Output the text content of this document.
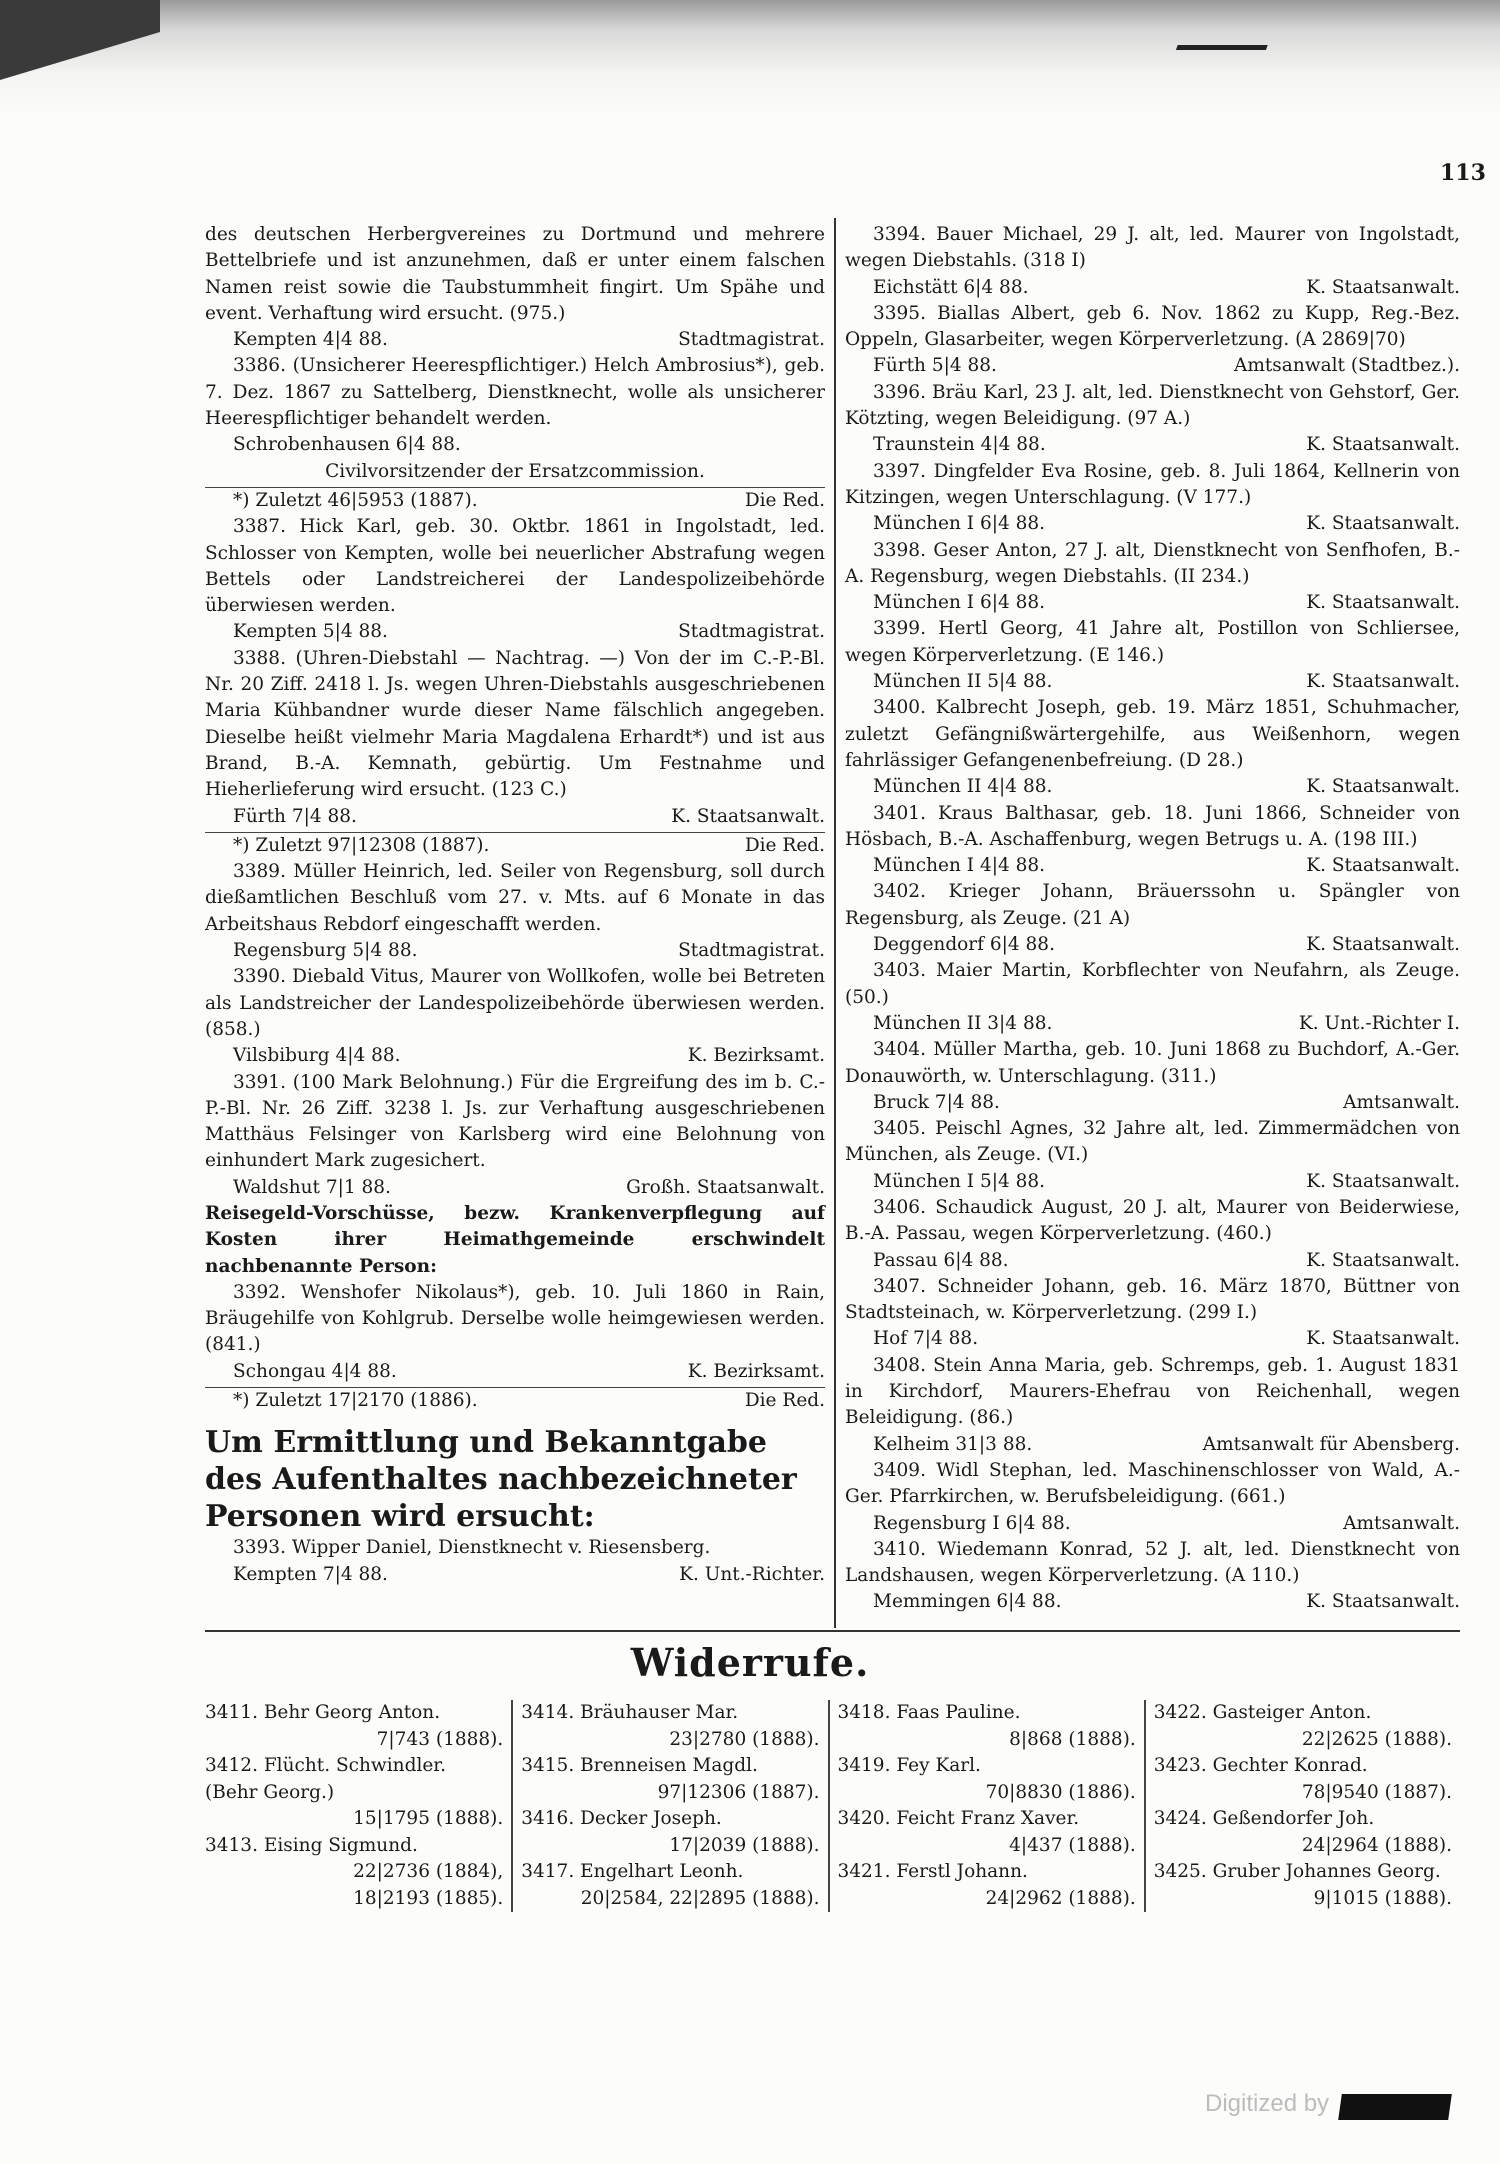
113

des deutschen Herbergvereines zu Dortmund und mehrere Bettelbriefe und ist anzunehmen, daß er unter einem falschen Namen reist sowie die Taubstummheit fingirt. Um Spähe und event. Verhaftung wird ersucht. (975.)

Kempten 4|4 88.	Stadtmagistrat.

3386. (Unsicherer Heerespflichtiger.) Helch Ambrosius*), geb. 7. Dez. 1867 zu Sattelberg, Dienstknecht, wolle als unsicherer Heerespflichtiger behandelt werden.

Schrobenhausen 6|4 88.

Civilvorsitzender der Ersatzcommission.

*) Zuletzt 46|5953 (1887).	Die Red.

3387. Hick Karl, geb. 30. Oktbr. 1861 in Ingolstadt, led. Schlosser von Kempten, wolle bei neuerlicher Abstrafung wegen Bettels oder Landstreicherei der Landespolizeibehörde überwiesen werden.

Kempten 5|4 88.	Stadtmagistrat.

3388. (Uhren-Diebstahl — Nachtrag. —) Von der im C.-P.-Bl. Nr. 20 Ziff. 2418 l. Js. wegen Uhren-Diebstahls ausgeschriebenen Maria Kühbandner wurde dieser Name fälschlich angegeben. Dieselbe heißt vielmehr Maria Magdalena Erhardt*) und ist aus Brand, B.-A. Kemnath, gebürtig. Um Festnahme und Hieherlieferung wird ersucht. (123 C.)

Fürth 7|4 88.	K. Staatsanwalt.
*) Zuletzt 97|12308 (1887).	Die Red.

3389. Müller Heinrich, led. Seiler von Regensburg, soll durch dießamtlichen Beschluß vom 27. v. Mts. auf 6 Monate in das Arbeitshaus Rebdorf eingeschafft werden.

Regensburg 5|4 88.	Stadtmagistrat.

3390. Diebald Vitus, Maurer von Wollkofen, wolle bei Betreten als Landstreicher der Landespolizeibehörde überwiesen werden. (858.)

Vilsbiburg 4|4 88.	K. Bezirksamt.

3391. (100 Mark Belohnung.) Für die Ergreifung des im b. C.-P.-Bl. Nr. 26 Ziff. 3238 l. Js. zur Verhaftung ausgeschriebenen Matthäus Felsinger von Karlsberg wird eine Belohnung von einhundert Mark zugesichert.

Waldshut 7|1 88.	Großh. Staatsanwalt.

Reisegeld-Vorschüsse, bezw. Krankenverpflegung auf Kosten ihrer Heimathgemeinde erschwindelt nachbenannte Person:

3392. Wenshofer Nikolaus*), geb. 10. Juli 1860 in Rain, Bräugehilfe von Kohlgrub. Derselbe wolle heimgewiesen werden. (841.)

Schongau 4|4 88.	K. Bezirksamt.
*) Zuletzt 17|2170 (1886).	Die Red.
Um Ermittlung und Bekanntgabe des Aufenthaltes nachbezeichneter Personen wird ersucht:

3393. Wipper Daniel, Dienstknecht v. Riesensberg.

Kempten 7|4 88.	K. Unt.-Richter.

3394. Bauer Michael, 29 J. alt, led. Maurer von Ingolstadt, wegen Diebstahls. (318 I)

Eichstätt 6|4 88.	K. Staatsanwalt.

3395. Biallas Albert, geb 6. Nov. 1862 zu Kupp, Reg.-Bez. Oppeln, Glasarbeiter, wegen Körperverletzung. (A 2869|70)

Fürth 5|4 88.	Amtsanwalt (Stadtbez.).

3396. Bräu Karl, 23 J. alt, led. Dienstknecht von Gehstorf, Ger. Kötzting, wegen Beleidigung. (97 A.)

Traunstein 4|4 88.	K. Staatsanwalt.

3397. Dingfelder Eva Rosine, geb. 8. Juli 1864, Kellnerin von Kitzingen, wegen Unterschlagung. (V 177.)

München I 6|4 88.	K. Staatsanwalt.

3398. Geser Anton, 27 J. alt, Dienstknecht von Senfhofen, B.-A. Regensburg, wegen Diebstahls. (II 234.)

München I 6|4 88.	K. Staatsanwalt.

3399. Hertl Georg, 41 Jahre alt, Postillon von Schliersee, wegen Körperverletzung. (E 146.)

München II 5|4 88.	K. Staatsanwalt.

3400. Kalbrecht Joseph, geb. 19. März 1851, Schuhmacher, zuletzt Gefängnißwärtergehilfe, aus Weißenhorn, wegen fahrlässiger Gefangenenbefreiung. (D 28.)

München II 4|4 88.	K. Staatsanwalt.

3401. Kraus Balthasar, geb. 18. Juni 1866, Schneider von Hösbach, B.-A. Aschaffenburg, wegen Betrugs u. A. (198 III.)

München I 4|4 88.	K. Staatsanwalt.

3402. Krieger Johann, Bräuerssohn u. Spängler von Regensburg, als Zeuge. (21 A)

Deggendorf 6|4 88.	K. Staatsanwalt.

3403. Maier Martin, Korbflechter von Neufahrn, als Zeuge. (50.)

München II 3|4 88.	K. Unt.-Richter I.

3404. Müller Martha, geb. 10. Juni 1868 zu Buchdorf, A.-Ger. Donauwörth, w. Unterschlagung. (311.)

Bruck 7|4 88.	Amtsanwalt.

3405. Peischl Agnes, 32 Jahre alt, led. Zimmermädchen von München, als Zeuge. (VI.)

München I 5|4 88.	K. Staatsanwalt.

3406. Schaudick August, 20 J. alt, Maurer von Beiderwiese, B.-A. Passau, wegen Körperverletzung. (460.)

Passau 6|4 88.	K. Staatsanwalt.

3407. Schneider Johann, geb. 16. März 1870, Büttner von Stadtsteinach, w. Körperverletzung. (299 I.)

Hof 7|4 88.	K. Staatsanwalt.

3408. Stein Anna Maria, geb. Schremps, geb. 1. August 1831 in Kirchdorf, Maurers-Ehefrau von Reichenhall, wegen Beleidigung. (86.)

Kelheim 31|3 88.	Amtsanwalt für Abensberg.

3409. Widl Stephan, led. Maschinenschlosser von Wald, A.-Ger. Pfarrkirchen, w. Berufsbeleidigung. (661.)

Regensburg I 6|4 88.	Amtsanwalt.

3410. Wiedemann Konrad, 52 J. alt, led. Dienstknecht von Landshausen, wegen Körperverletzung. (A 110.)

Memmingen 6|4 88.	K. Staatsanwalt.
Widerrufe.
3411. Behr Georg Anton.
7|743 (1888).
3412. Flücht. Schwindler. (Behr Georg.)
15|1795 (1888).
3413. Eising Sigmund.
22|2736 (1884),
18|2193 (1885).
3414. Bräuhauser Mar.
23|2780 (1888).
3415. Brenneisen Magdl.
97|12306 (1887).
3416. Decker Joseph.
17|2039 (1888).
3417. Engelhart Leonh.
20|2584, 22|2895 (1888).
3418. Faas Pauline.
8|868 (1888).
3419. Fey Karl.
70|8830 (1886).
3420. Feicht Franz Xaver.
4|437 (1888).
3421. Ferstl Johann.
24|2962 (1888).
3422. Gasteiger Anton.
22|2625 (1888).
3423. Gechter Konrad.
78|9540 (1887).
3424. Geßendorfer Joh.
24|2964 (1888).
3425. Gruber Johannes Georg.
9|1015 (1888).
Digitized by
